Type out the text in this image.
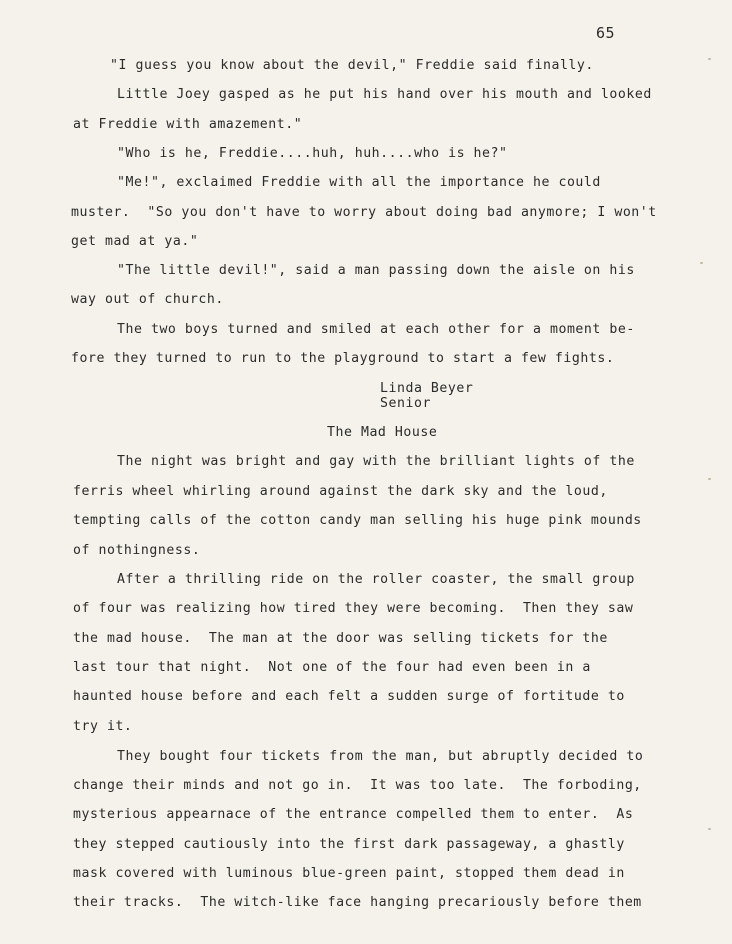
65
"I guess you know about the devil," Freddie said finally.
Little Joey gasped as he put his hand over his mouth and looked
at Freddie with amazement."
"Who is he, Freddie....huh, huh....who is he?"
"Me!", exclaimed Freddie with all the importance he could
muster.  "So you don't have to worry about doing bad anymore; I won't
get mad at ya."
"The little devil!", said a man passing down the aisle on his
way out of church.
The two boys turned and smiled at each other for a moment be-
fore they turned to run to the playground to start a few fights.
Linda Beyer
Senior
The Mad House
The night was bright and gay with the brilliant lights of the
ferris wheel whirling around against the dark sky and the loud,
tempting calls of the cotton candy man selling his huge pink mounds
of nothingness.
After a thrilling ride on the roller coaster, the small group
of four was realizing how tired they were becoming.  Then they saw
the mad house.  The man at the door was selling tickets for the
last tour that night.  Not one of the four had even been in a
haunted house before and each felt a sudden surge of fortitude to
try it.
They bought four tickets from the man, but abruptly decided to
change their minds and not go in.  It was too late.  The forboding,
mysterious appearnace of the entrance compelled them to enter.  As
they stepped cautiously into the first dark passageway, a ghastly
mask covered with luminous blue-green paint, stopped them dead in
their tracks.  The witch-like face hanging precariously before them
